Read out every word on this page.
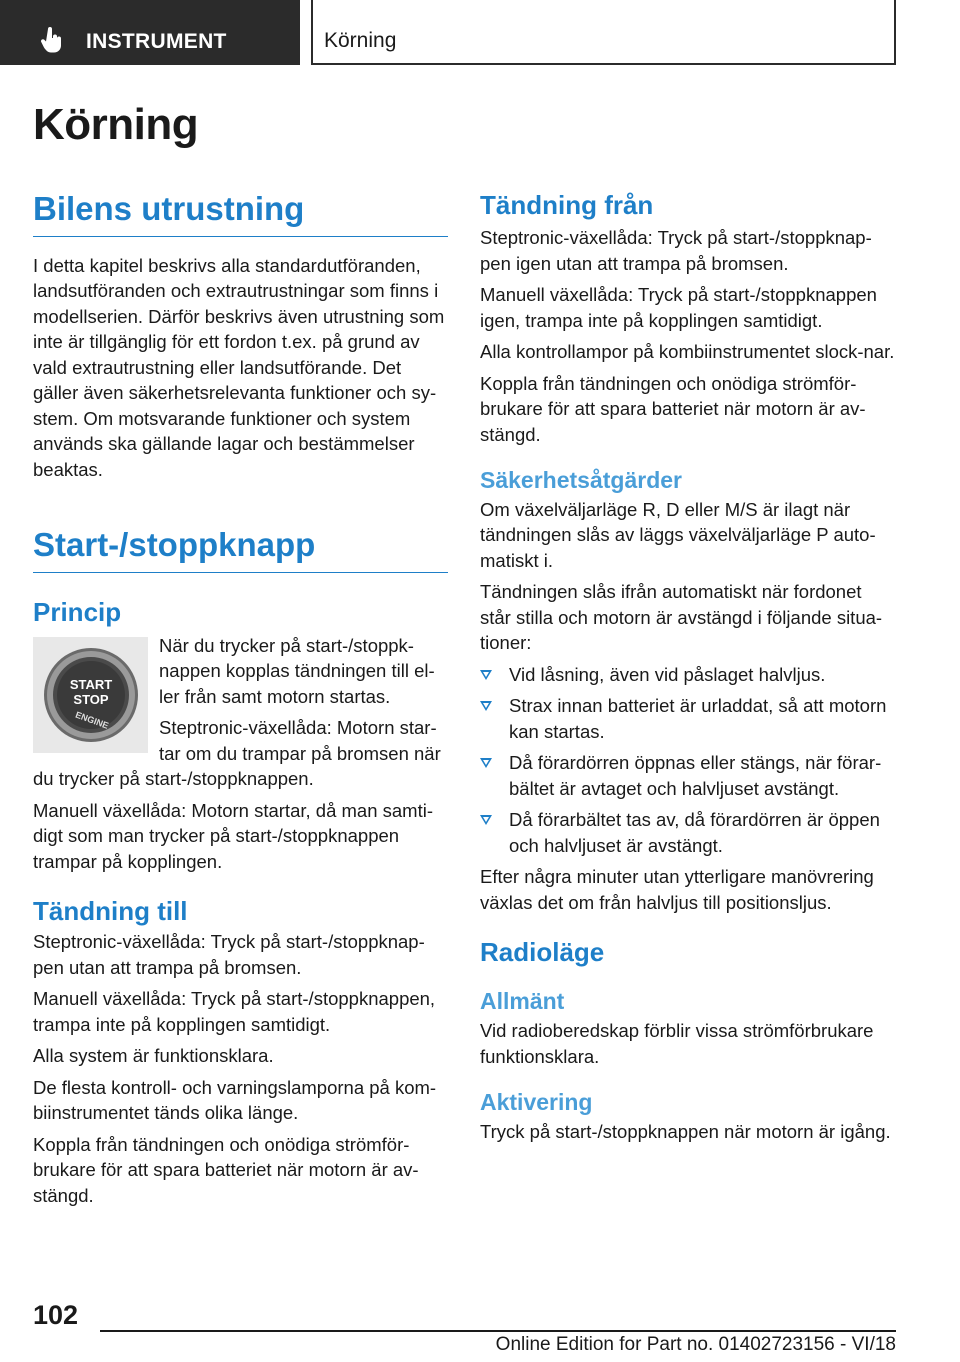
INSTRUMENT	Körning
Körning
Bilens utrustning

I detta kapitel beskrivs alla standardutföranden, landsutföranden och extrautrustningar som finns i modellserien. Därför beskrivs även utrustning som inte är tillgänglig för ett fordon t.ex. på grund av vald extrautrustning eller landsutförande. Det gäller även säkerhetsrelevanta funktioner och sy-stem. Om motsvarande funktioner och system används ska gällande lagar och bestämmelser beaktas.

Start-/stoppknapp
Princip
START
STOP
ENGINE

När du trycker på start-/stoppk-nappen kopplas tändningen till el-ler från samt motorn startas.

Steptronic-växellåda: Motorn star-tar om du trampar på bromsen när du trycker på start-/stoppknappen.

Manuell växellåda: Motorn startar, då man samti-digt som man trycker på start-/stoppknappen trampar på kopplingen.

Tändning till

Steptronic-växellåda: Tryck på start-/stoppknap-pen utan att trampa på bromsen.

Manuell växellåda: Tryck på start-/stoppknappen, trampa inte på kopplingen samtidigt.

Alla system är funktionsklara.

De flesta kontroll- och varningslamporna på kom-biinstrumentet tänds olika länge.

Koppla från tändningen och onödiga strömför-brukare för att spara batteriet när motorn är av-stängd.

Tändning från

Steptronic-växellåda: Tryck på start-/stoppknap-pen igen utan att trampa på bromsen.

Manuell växellåda: Tryck på start-/stoppknappen igen, trampa inte på kopplingen samtidigt.

Alla kontrollampor på kombiinstrumentet slock-nar.

Koppla från tändningen och onödiga strömför-brukare för att spara batteriet när motorn är av-stängd.

Säkerhetsåtgärder

Om växelväljarläge R, D eller M/S är ilagt när tändningen slås av läggs växelväljarläge P auto-matiskt i.

Tändningen slås ifrån automatiskt när fordonet står stilla och motorn är avstängd i följande situa-tioner:

Vid låsning, även vid påslaget halvljus.
Strax innan batteriet är urladdat, så att motorn kan startas.
Då förardörren öppnas eller stängs, när förar-bältet är avtaget och halvljuset avstängt.
Då förarbältet tas av, då förardörren är öppen och halvljuset är avstängt.

Efter några minuter utan ytterligare manövrering växlas det om från halvljus till positionsljus.

Radioläge
Allmänt

Vid radioberedskap förblir vissa strömförbrukare funktionsklara.

Aktivering

Tryck på start-/stoppknappen när motorn är igång.

102
Online Edition for Part no. 01402723156 - VI/18
